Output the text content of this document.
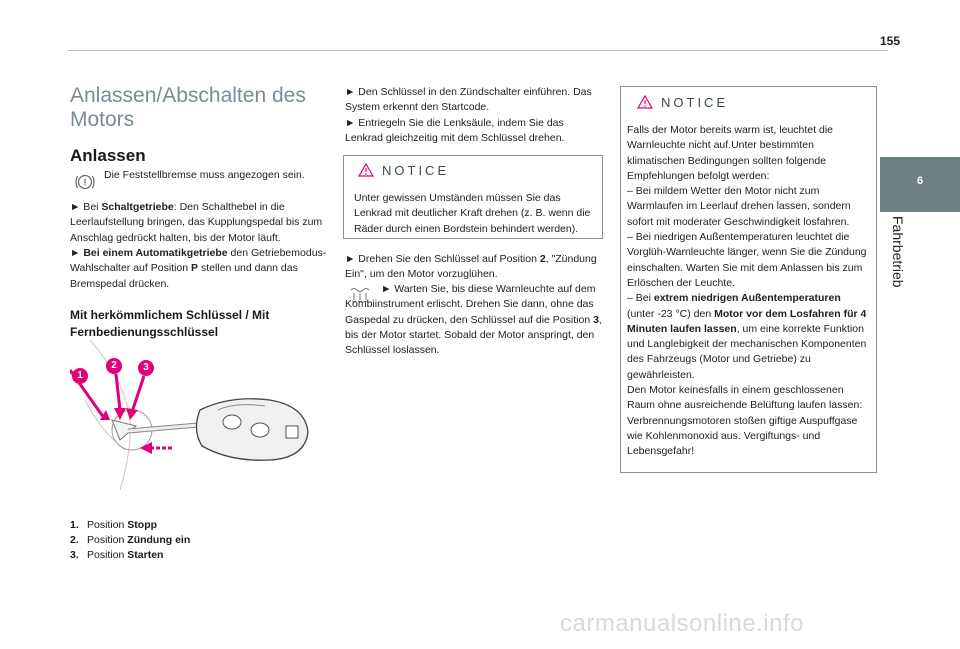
155
6
Fahrbetrieb
Anlassen/Abschalten des Motors
Anlassen
!
Die Feststellbremse muss angezogen sein.
► Bei Schaltgetriebe: Den Schalthebel in die Leerlaufstellung bringen, das Kupplungspedal bis zum Anschlag gedrückt halten, bis der Motor läuft.
► Bei einem Automatikgetriebe den Getriebemodus-Wahlschalter auf Position P stellen und dann das Bremspedal drücken.
Mit herkömmlichem Schlüssel / Mit Fernbedienungsschlüssel
1
2	3
1. Position Stopp
2. Position Zündung ein
3. Position Starten
► Den Schlüssel in den Zündschalter einführen. Das System erkennt den Startcode.
► Entriegeln Sie die Lenksäule, indem Sie das Lenkrad gleichzeitig mit dem Schlüssel drehen.
NOTICE
Unter gewissen Umständen müssen Sie das Lenkrad mit deutlicher Kraft drehen (z. B. wenn die Räder durch einen Bordstein behindert werden).
► Drehen Sie den Schlüssel auf Position 2, "Zündung Ein", um den Motor vorzuglühen.
► Warten Sie, bis diese Warnleuchte auf dem Kombiinstrument erlischt. Drehen Sie dann, ohne das Gaspedal zu drücken, den Schlüssel auf die Position 3, bis der Motor startet. Sobald der Motor anspringt, den Schlüssel loslassen.
NOTICE
Falls der Motor bereits warm ist, leuchtet die Warnleuchte nicht auf.Unter bestimmten klimatischen Bedingungen sollten folgende Empfehlungen befolgt werden:
– Bei mildem Wetter den Motor nicht zum Warmlaufen im Leerlauf drehen lassen, sondern sofort mit moderater Geschwindigkeit losfahren.
– Bei niedrigen Außentemperaturen leuchtet die Vorglüh-Warnleuchte länger, wenn Sie die Zündung einschalten. Warten Sie mit dem Anlassen bis zum Erlöschen der Leuchte.
– Bei extrem niedrigen Außentemperaturen (unter -23 °C) den Motor vor dem Losfahren für 4 Minuten laufen lassen, um eine korrekte Funktion und Langlebigkeit der mechanischen Komponenten des Fahrzeugs (Motor und Getriebe) zu gewährleisten.
Den Motor keinesfalls in einem geschlossenen Raum ohne ausreichende Belüftung laufen lassen: Verbrennungsmotoren stoßen giftige Auspuffgase wie Kohlenmonoxid aus. Vergiftungs- und Lebensgefahr!
carmanualsonline.info
